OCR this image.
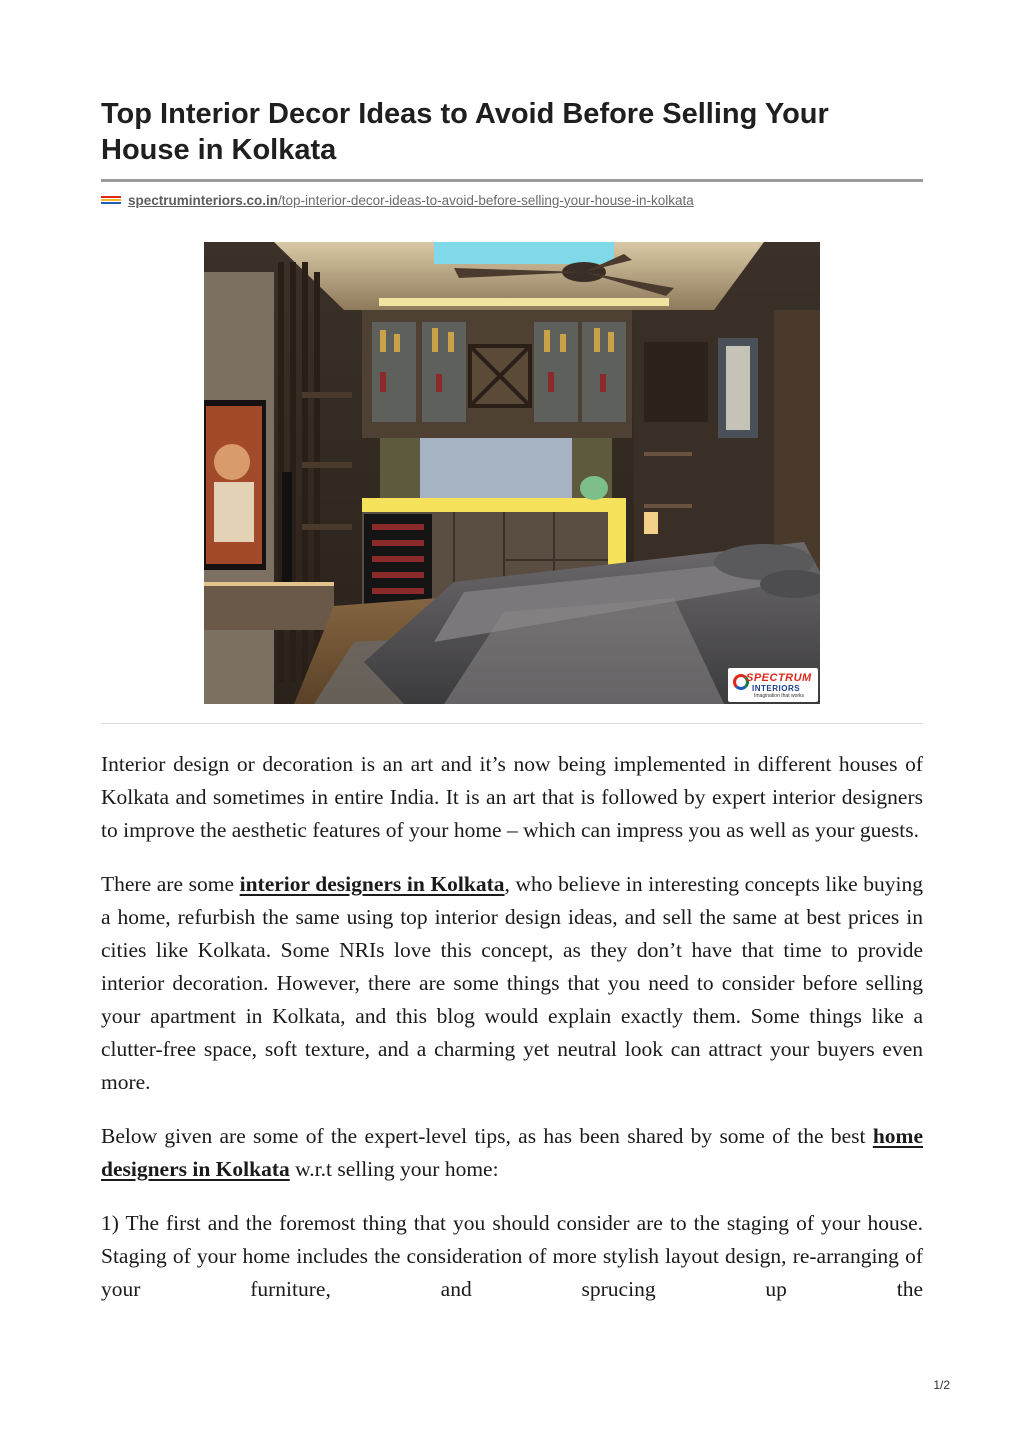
Top Interior Decor Ideas to Avoid Before Selling Your House in Kolkata
spectruminteriors.co.in /top-interior-decor-ideas-to-avoid-before-selling-your-house-in-kolkata
SPECTRUM
INTERIORS
Imagination that works

Interior design or decoration is an art and it’s now being implemented in different houses of Kolkata and sometimes in entire India. It is an art that is followed by expert interior designers to improve the aesthetic features of your home – which can impress you as well as your guests.

There are some interior designers in Kolkata, who believe in interesting concepts like buying a home, refurbish the same using top interior design ideas, and sell the same at best prices in cities like Kolkata. Some NRIs love this concept, as they don’t have that time to provide interior decoration. However, there are some things that you need to consider before selling your apartment in Kolkata, and this blog would explain exactly them. Some things like a clutter-free space, soft texture, and a charming yet neutral look can attract your buyers even more.

Below given are some of the expert-level tips, as has been shared by some of the best home designers in Kolkata w.r.t selling your home:

1) The first and the foremost thing that you should consider are to the staging of your house. Staging of your home includes the consideration of more stylish layout design, re-arranging of your furniture, and sprucing up the

1/2
